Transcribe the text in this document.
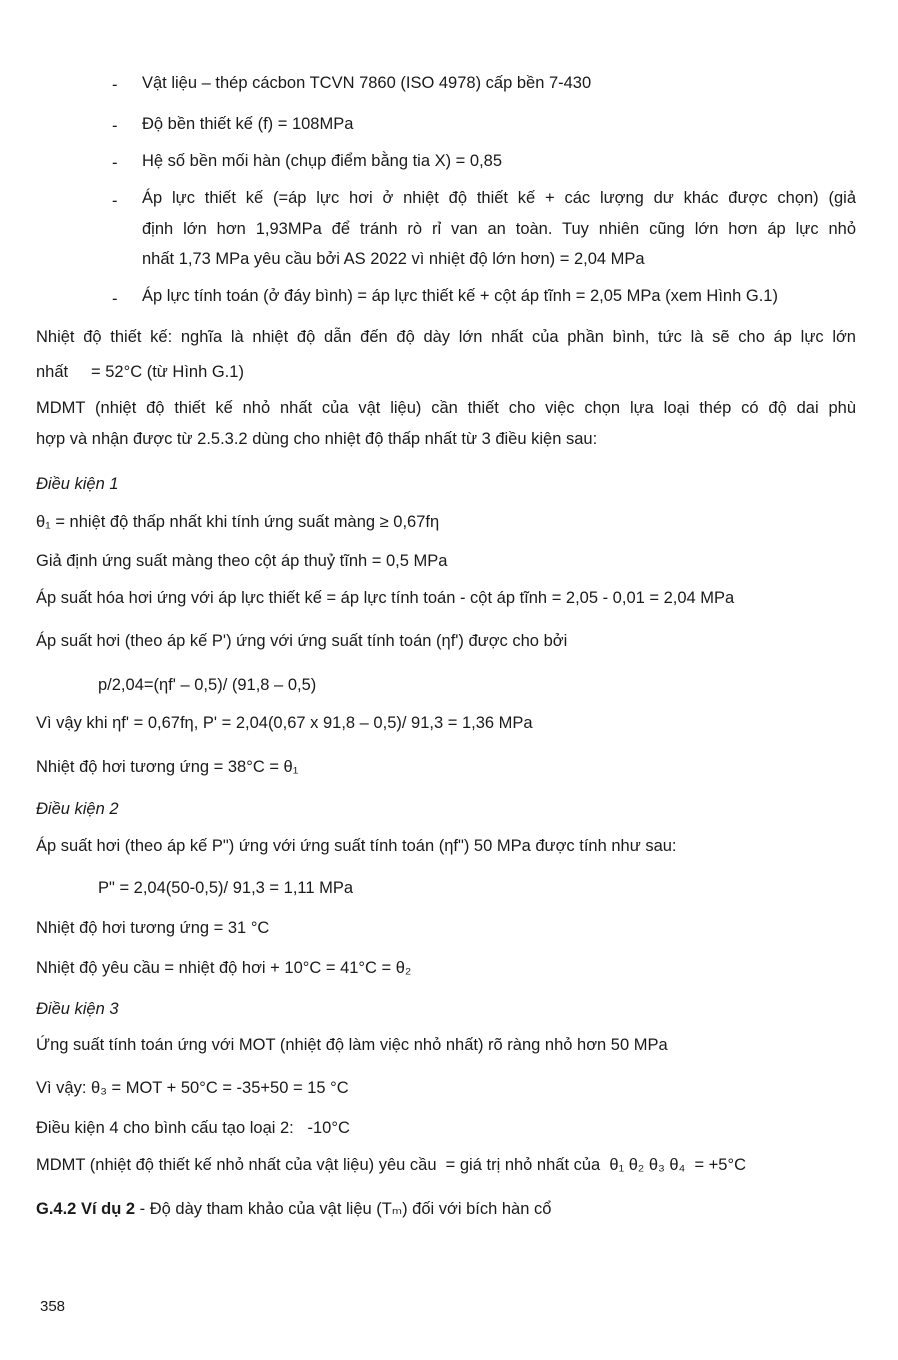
- Vật liệu – thép cácbon TCVN 7860 (ISO 4978) cấp bền 7-430
- Độ bền thiết kế (f) = 108MPa
- Hệ số bền mối hàn (chụp điểm bằng tia X) = 0,85
- Áp lực thiết kế (=áp lực hơi ở nhiệt độ thiết kế + các lượng dư khác được chọn) (giả
định lớn hơn 1,93MPa để tránh rò rỉ van an toàn. Tuy nhiên cũng lớn hơn áp lực nhỏ
nhất 1,73 MPa yêu cầu bởi AS 2022 vì nhiệt độ lớn hơn) = 2,04 MPa
- Áp lực tính toán (ở đáy bình) = áp lực thiết kế + cột áp tĩnh = 2,05 MPa (xem Hình G.1)
Nhiệt độ thiết kế: nghĩa là nhiệt độ dẫn đến độ dày lớn nhất của phần bình, tức là sẽ cho áp lực lớn
nhất     = 52°C (từ Hình G.1)
MDMT (nhiệt độ thiết kế nhỏ nhất của vật liệu) cần thiết cho việc chọn lựa loại thép có độ dai phù
hợp và nhận được từ 2.5.3.2 dùng cho nhiệt độ thấp nhất từ 3 điều kiện sau:
Điều kiện 1
θ₁ = nhiệt độ thấp nhất khi tính ứng suất màng ≥ 0,67fη
Giả định ứng suất màng theo cột áp thuỷ tĩnh = 0,5 MPa
Áp suất hóa hơi ứng với áp lực thiết kế = áp lực tính toán - cột áp tĩnh = 2,05 - 0,01 = 2,04 MPa
Áp suất hơi (theo áp kế P') ứng với ứng suất tính toán (ηf') được cho bởi
p/2,04=(ηf' – 0,5)/ (91,8 – 0,5)
Vì vậy khi ηf' = 0,67fη, P' = 2,04(0,67 x 91,8 – 0,5)/ 91,3 = 1,36 MPa
Nhiệt độ hơi tương ứng = 38°C = θ₁
Điều kiện 2
Áp suất hơi (theo áp kế P") ứng với ứng suất tính toán (ηf") 50 MPa được tính như sau:
P" = 2,04(50-0,5)/ 91,3 = 1,11 MPa
Nhiệt độ hơi tương ứng = 31 °C
Nhiệt độ yêu cầu = nhiệt độ hơi + 10°C = 41°C = θ₂
Điều kiện 3
Ứng suất tính toán ứng với MOT (nhiệt độ làm việc nhỏ nhất) rõ ràng nhỏ hơn 50 MPa
Vì vậy: θ₃ = MOT + 50°C = -35+50 = 15 °C
Điều kiện 4 cho bình cấu tạo loại 2:   -10°C
MDMT (nhiệt độ thiết kế nhỏ nhất của vật liệu) yêu cầu  = giá trị nhỏ nhất của  θ₁ θ₂ θ₃ θ₄  = +5°C
G.4.2 Ví dụ 2 - Độ dày tham khảo của vật liệu (Tₘ) đối với bích hàn cổ
358
